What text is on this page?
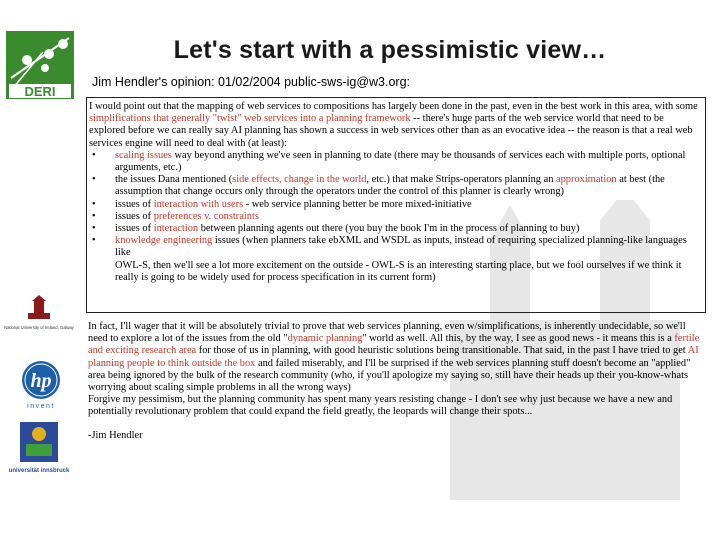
DERI
Let's start with a pessimistic view…
Jim Hendler's opinion: 01/02/2004 public-sws-ig@w3.org:
National University of Ireland, Galway
hp
invent
universität innsbruck

I would point out that the mapping of web services to compositions has largely been done in the past, even in the best work in this area, with some simplifications that generally "twist" web services into a planning framework -- there's huge parts of the web service world that need to be explored before we can really say AI planning has shown a success in web services other than as an evocative idea -- the reason is that a real web services engine will need to deal with (at least):

• scaling issues way beyond anything we've seen in planning to date (there may be thousands of services each with multiple ports, optional arguments, etc.)
• the issues Dana mentioned (side effects, change in the world, etc.) that make Strips-operators planning an approximation at best (the assumption that change occurs only through the operators under the control of this planner is clearly wrong)
• issues of interaction with users - web service planning better be more mixed-initiative
• issues of preferences v. constraints
• issues of interaction between planning agents out there (you buy the book I'm in the process of planning to buy)
• knowledge engineering issues (when planners take ebXML and WSDL as inputs, instead of requiring specialized planning-like languages like

OWL-S, then we'll see a lot more excitement on the outside - OWL-S is an interesting starting place, but we fool ourselves if we think it really is going to be widely used for process specification in its current form)

In fact, I'll wager that it will be absolutely trivial to prove that web services planning, even w/simplifications, is inherently undecidable, so we'll need to explore a lot of the issues from the old "dynamic planning" world as well. All this, by the way, I see as good news - it means this is a fertile and exciting research area for those of us in planning, with good heuristic solutions being transitionable. That said, in the past I have tried to get AI planning people to think outside the box and failed miserably, and I'll be surprised if the web services planning stuff doesn't become an "applied" area being ignored by the bulk of the research community (who, if you'll apologize my saying so, still have their heads up their you-know-whats worrying about scaling simple problems in all the wrong ways)

Forgive my pessimism, but the planning community has spent many years resisting change - I don't see why just because we have a new and potentially revolutionary problem that could expand the field greatly, the leopards will change their spots...

-Jim Hendler
